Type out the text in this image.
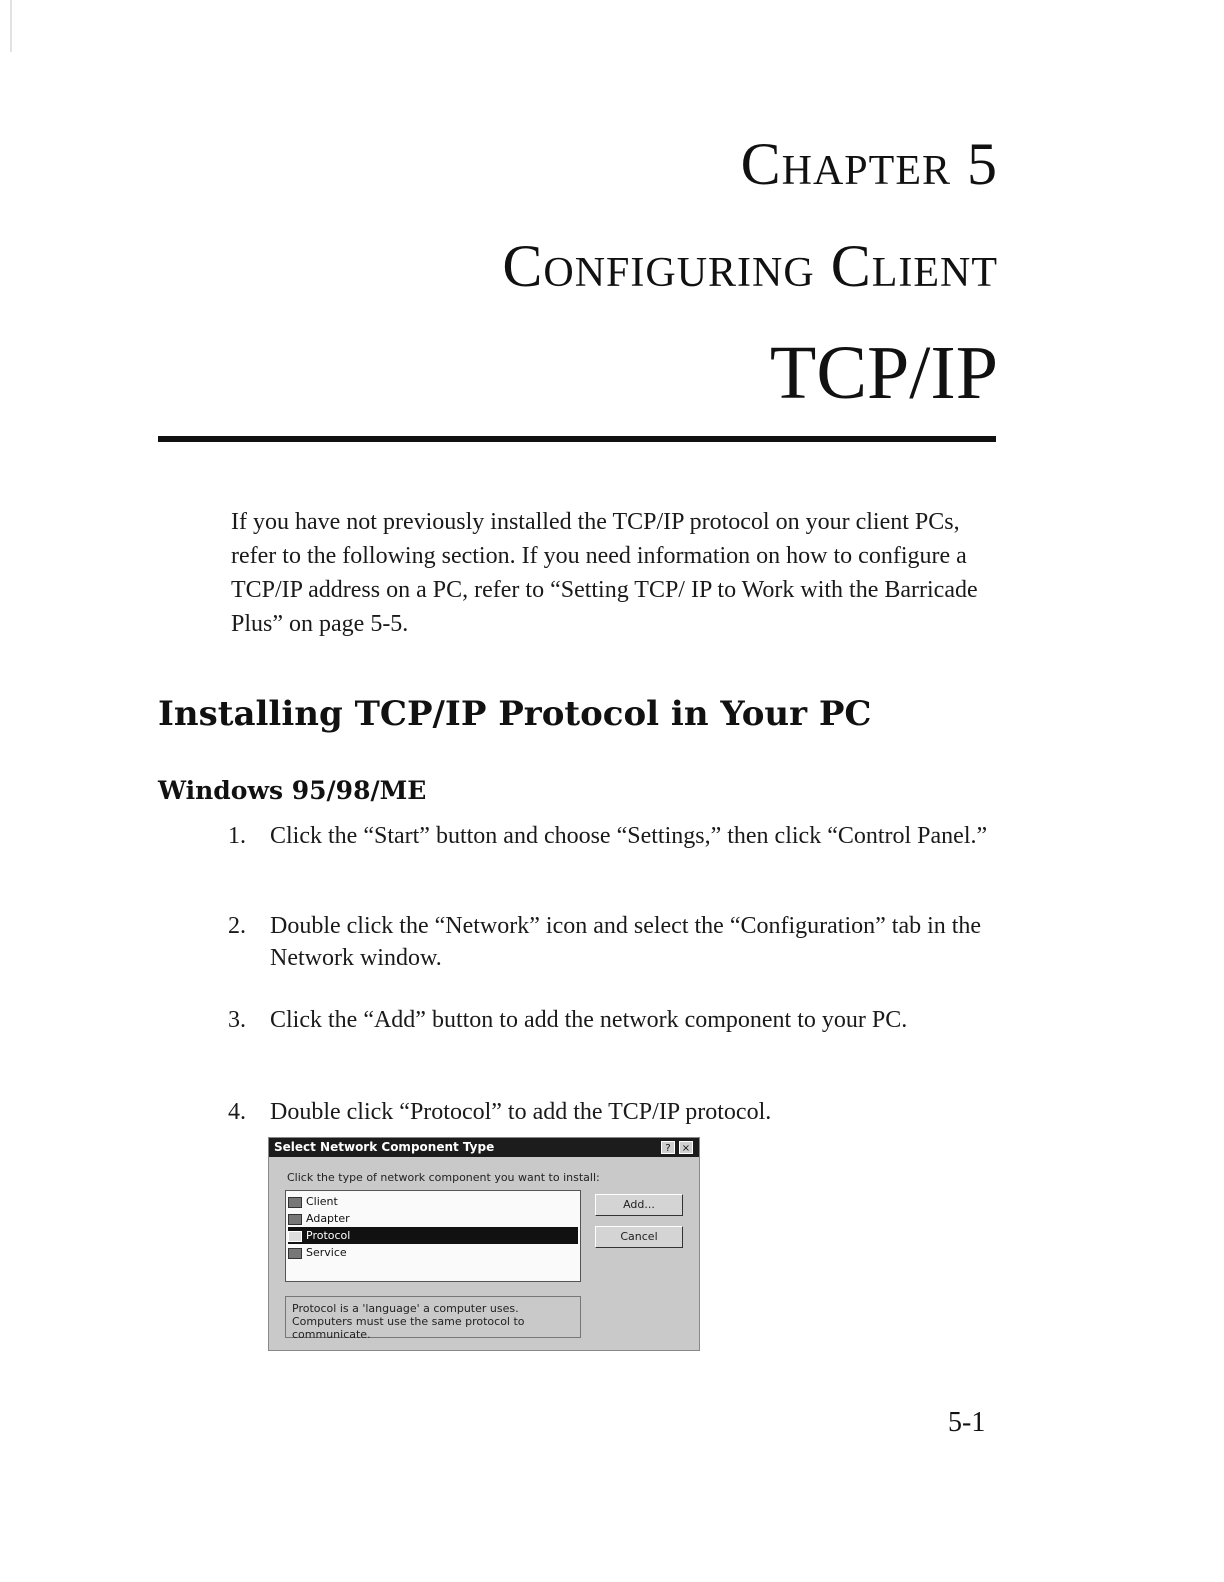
Chapter 5
Configuring Client
TCP/IP

If you have not previously installed the TCP/IP protocol on your client PCs, refer to the following section. If you need information on how to configure a TCP/IP address on a PC, refer to “Setting TCP/ IP to Work with the Barricade Plus” on page 5-5.

Installing TCP/IP Protocol in Your PC
Windows 95/98/ME
1.	Click the “Start” button and choose “Settings,” then click “Control Panel.”
2.	Double click the “Network” icon and select the “Configuration” tab in the Network window.
3.	Click the “Add” button to add the network component to your PC.
4.	Double click “Protocol” to add the TCP/IP protocol.
Select Network Component Type	?	×
Click the type of network component you want to install:
Client
Adapter
Protocol
Service
Add...
Cancel
Protocol is a 'language' a computer uses. Computers must use the same protocol to communicate.

5-1
